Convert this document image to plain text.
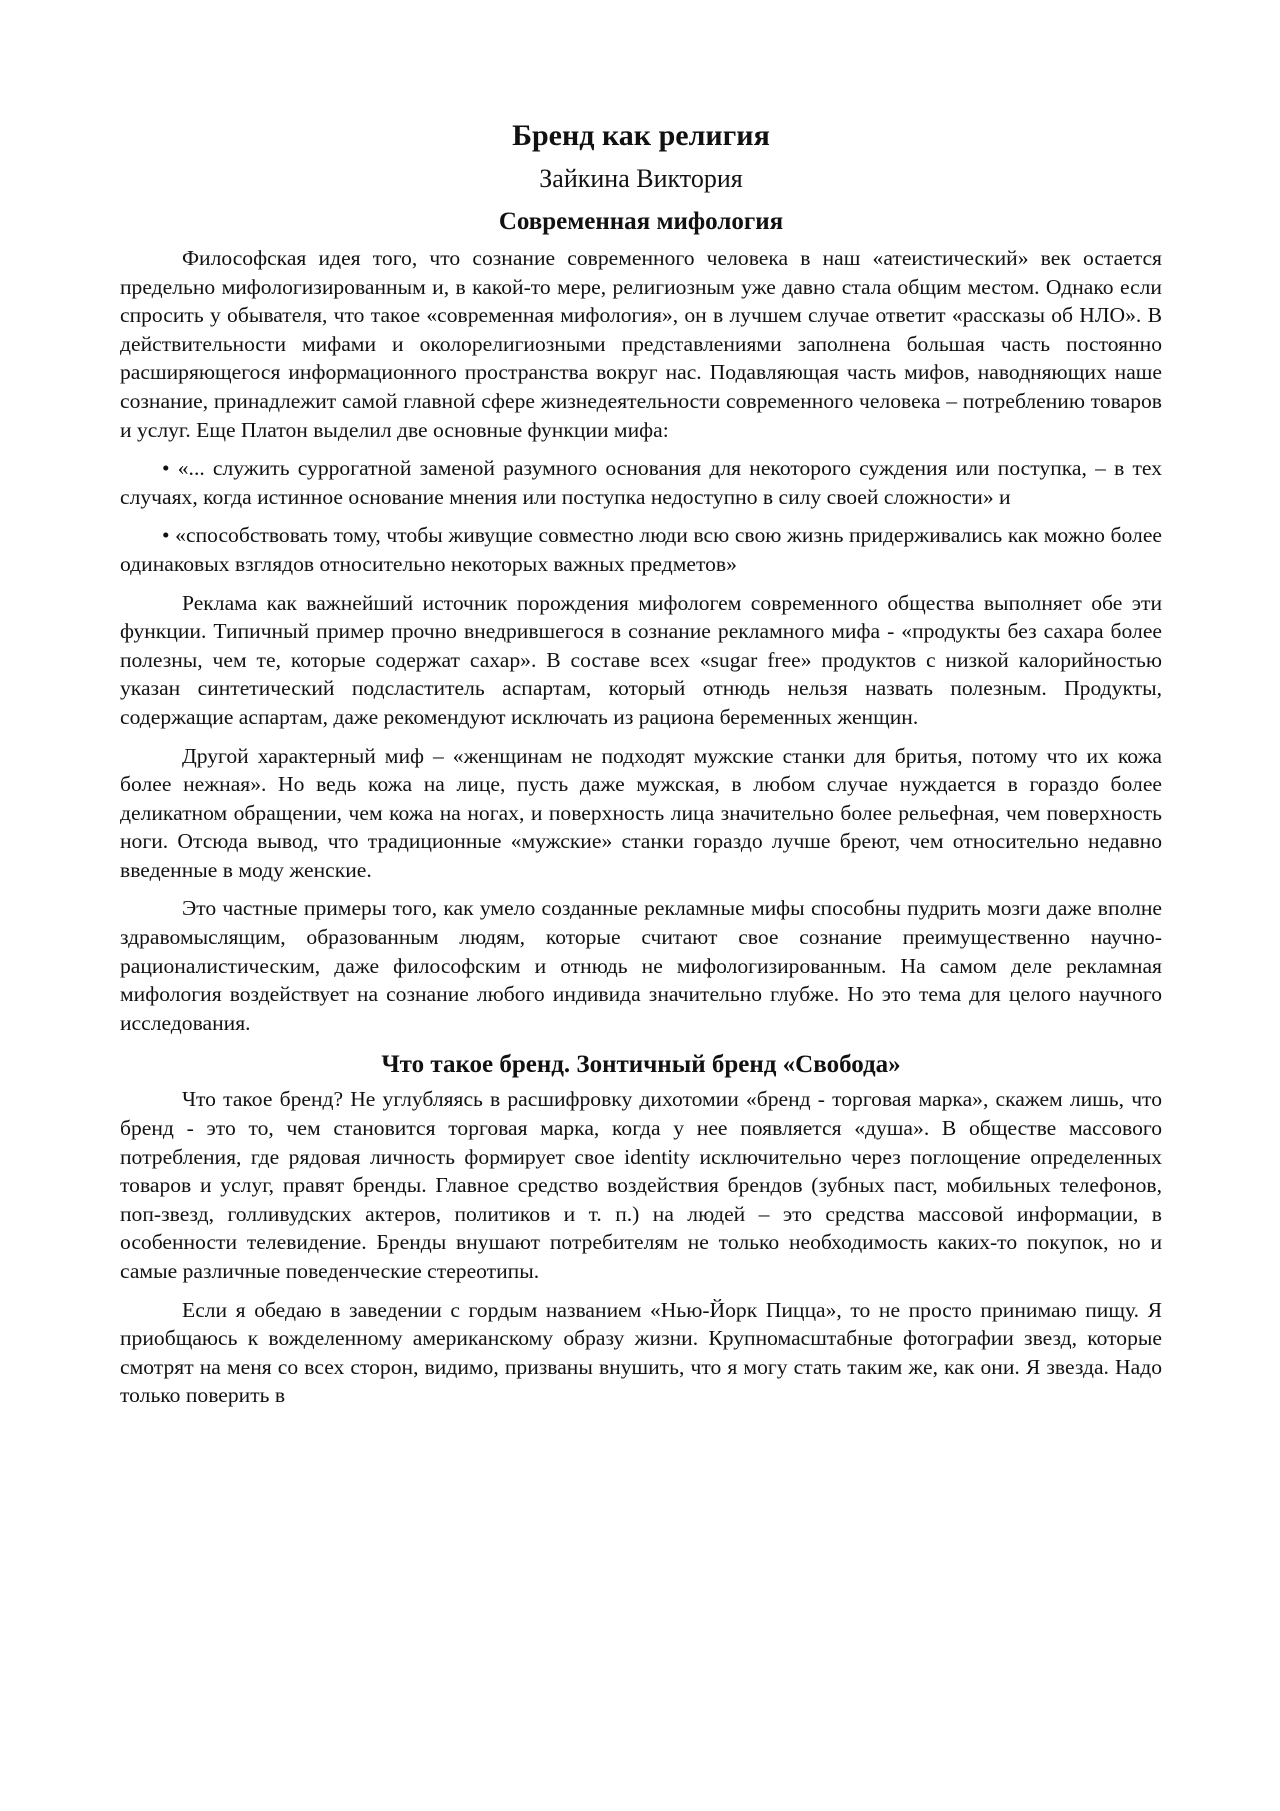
Бренд как религия
Зайкина Виктория
Современная мифология

Философская идея того, что сознание современного человека в наш «атеистический» век остается предельно мифологизированным и, в какой-то мере, религиозным уже давно стала общим местом. Однако если спросить у обывателя, что такое «современная мифология», он в лучшем случае ответит «рассказы об НЛО». В действительности мифами и околорелигиозными представлениями заполнена большая часть постоянно расширяющегося информационного пространства вокруг нас. Подавляющая часть мифов, наводняющих наше сознание, принадлежит самой главной сфере жизнедеятельности современного человека – потреблению товаров и услуг. Еще Платон выделил две основные функции мифа:

• «... служить суррогатной заменой разумного основания для некоторого суждения или поступка, – в тех случаях, когда истинное основание мнения или поступка недоступно в силу своей сложности» и

• «способствовать тому, чтобы живущие совместно люди всю свою жизнь придерживались как можно более одинаковых взглядов относительно некоторых важных предметов»

Реклама как важнейший источник порождения мифологем современного общества выполняет обе эти функции. Типичный пример прочно внедрившегося в сознание рекламного мифа - «продукты без сахара более полезны, чем те, которые содержат сахар». В составе всех «sugar free» продуктов с низкой калорийностью указан синтетический подсластитель аспартам, который отнюдь нельзя назвать полезным. Продукты, содержащие аспартам, даже рекомендуют исключать из рациона беременных женщин.

Другой характерный миф – «женщинам не подходят мужские станки для бритья, потому что их кожа более нежная». Но ведь кожа на лице, пусть даже мужская, в любом случае нуждается в гораздо более деликатном обращении, чем кожа на ногах, и поверхность лица значительно более рельефная, чем поверхность ноги. Отсюда вывод, что традиционные «мужские» станки гораздо лучше бреют, чем относительно недавно введенные в моду женские.

Это частные примеры того, как умело созданные рекламные мифы способны пудрить мозги даже вполне здравомыслящим, образованным людям, которые считают свое сознание преимущественно научно-рационалистическим, даже философским и отнюдь не мифологизированным. На самом деле рекламная мифология воздействует на сознание любого индивида значительно глубже. Но это тема для целого научного исследования.

Что такое бренд. Зонтичный бренд «Свобода»

Что такое бренд? Не углубляясь в расшифровку дихотомии «бренд - торговая марка», скажем лишь, что бренд - это то, чем становится торговая марка, когда у нее появляется «душа». В обществе массового потребления, где рядовая личность формирует свое identity исключительно через поглощение определенных товаров и услуг, правят бренды. Главное средство воздействия брендов (зубных паст, мобильных телефонов, поп-звезд, голливудских актеров, политиков и т. п.) на людей – это средства массовой информации, в особенности телевидение. Бренды внушают потребителям не только необходимость каких-то покупок, но и самые различные поведенческие стереотипы.

Если я обедаю в заведении с гордым названием «Нью-Йорк Пицца», то не просто принимаю пищу. Я приобщаюсь к вожделенному американскому образу жизни. Крупномасштабные фотографии звезд, которые смотрят на меня со всех сторон, видимо, призваны внушить, что я могу стать таким же, как они. Я звезда. Надо только поверить в
